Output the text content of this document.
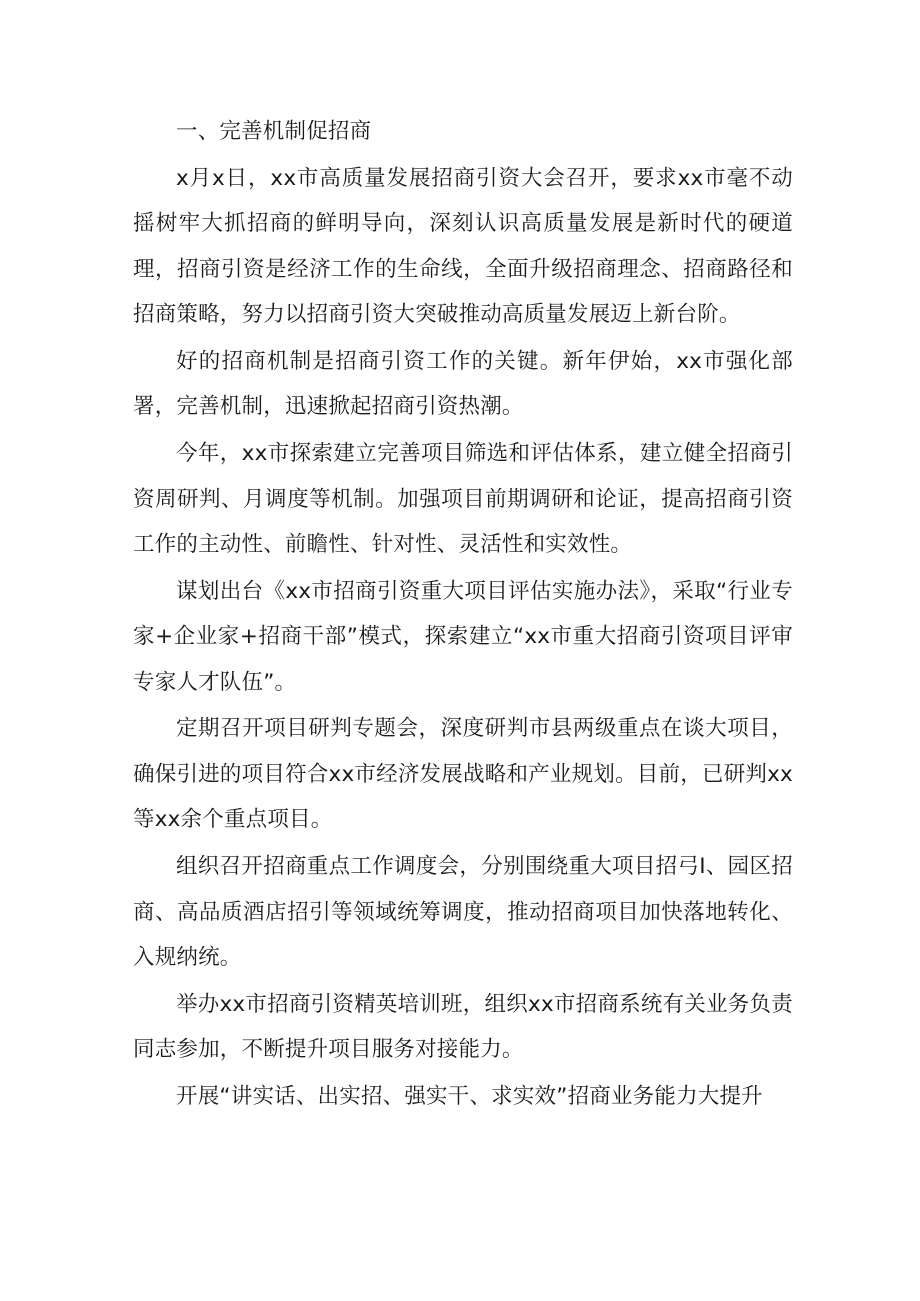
一、完善机制促招商

x月x日，xx市高质量发展招商引资大会召开，要求xx市毫不动摇树牢大抓招商的鲜明导向，深刻认识高质量发展是新时代的硬道理，招商引资是经济工作的生命线，全面升级招商理念、招商路径和招商策略，努力以招商引资大突破推动高质量发展迈上新台阶。

好的招商机制是招商引资工作的关键。新年伊始，xx市强化部署，完善机制，迅速掀起招商引资热潮。

今年，xx市探索建立完善项目筛选和评估体系，建立健全招商引资周研判、月调度等机制。加强项目前期调研和论证，提高招商引资工作的主动性、前瞻性、针对性、灵活性和实效性。

谋划出台《xx市招商引资重大项目评估实施办法》，采取“行业专家+企业家+招商干部”模式，探索建立“xx市重大招商引资项目评审专家人才队伍”。

定期召开项目研判专题会，深度研判市县两级重点在谈大项目，确保引进的项目符合xx市经济发展战略和产业规划。目前，已研判xx等xx余个重点项目。

组织召开招商重点工作调度会，分别围绕重大项目招弓I、园区招商、高品质酒店招引等领域统筹调度，推动招商项目加快落地转化、入规纳统。

举办xx市招商引资精英培训班，组织xx市招商系统有关业务负责同志参加，不断提升项目服务对接能力。

开展“讲实话、出实招、强实干、求实效”招商业务能力大提升
